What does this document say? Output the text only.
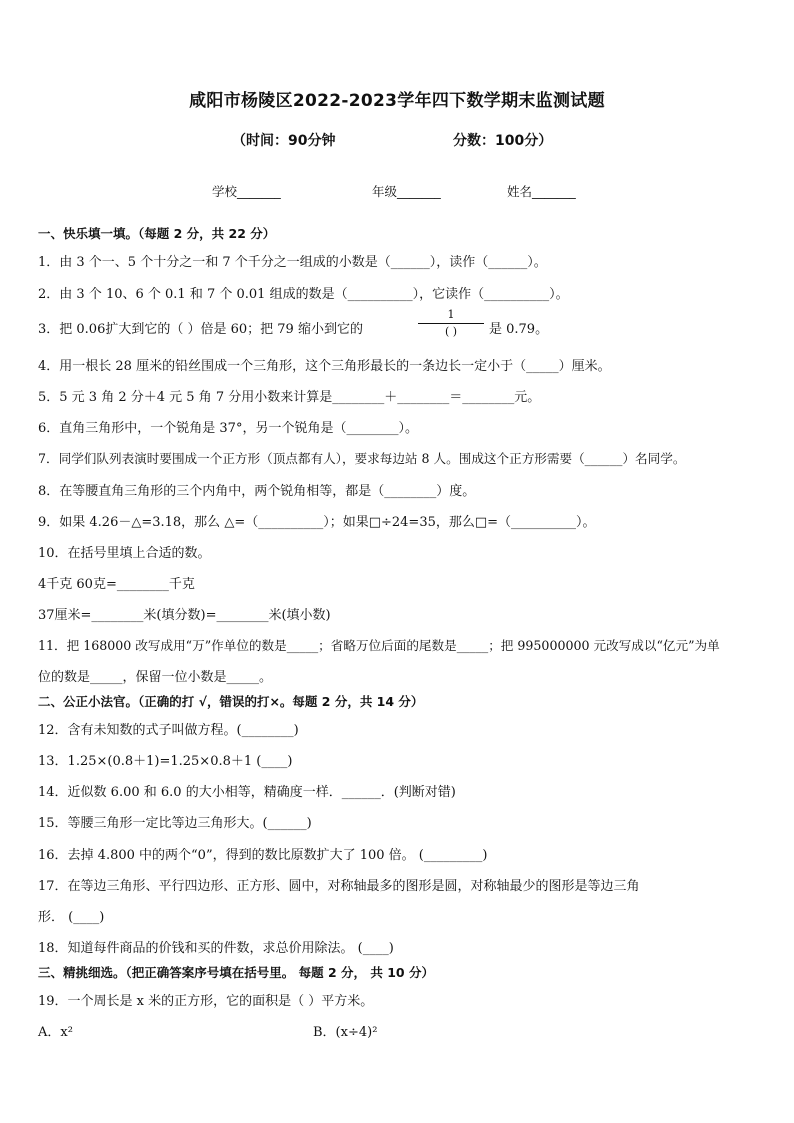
咸阳市杨陵区2022-2023学年四下数学期末监测试题
（时间：90分钟	分数：100分）
学校_______	年级_______	姓名_______
一、快乐填一填。（每题 2 分，共 22 分）
1．由 3 个一、5 个十分之一和 7 个千分之一组成的小数是（______），读作（______）。
2．由 3 个 10、6 个 0.1 和 7 个 0.01 组成的数是（__________），它读作（__________）。
3．把 0.06扩大到它的（ ）倍是 60；把 79 缩小到它的
1
( )	是 0.79。
4．用一根长 28 厘米的铅丝围成一个三角形，这个三角形最长的一条边长一定小于（_____）厘米。
5．5 元 3 角 2 分＋4 元 5 角 7 分用小数来计算是________＋________＝________元。
6．直角三角形中，一个锐角是 37°，另一个锐角是（________）。
7．同学们队列表演时要围成一个正方形（顶点都有人），要求每边站 8 人。围成这个正方形需要（______）名同学。
8．在等腰直角三角形的三个内角中，两个锐角相等，都是（________）度。
9．如果 4.26－△=3.18，那么 △=（__________）；如果□÷24=35，那么□=（__________）。
10．在括号里填上合适的数。
4千克 60克=________千克
37厘米=________米(填分数)=________米(填小数)
11．把 168000 改写成用“万”作单位的数是_____；省略万位后面的尾数是_____；把 995000000 元改写成以“亿元”为单
位的数是_____，保留一位小数是_____。
二、公正小法官。（正确的打 √，错误的打×。每题 2 分，共 14 分）
12．含有未知数的式子叫做方程。(________)
13．1.25×(0.8＋1)=1.25×0.8＋1 (____)
14．近似数 6.00 和 6.0 的大小相等，精确度一样．______．(判断对错)
15．等腰三角形一定比等边三角形大。(______)
16．去掉 4.800 中的两个“0”，得到的数比原数扩大了 100 倍。 (_________)
17．在等边三角形、平行四边形、正方形、圆中，对称轴最多的图形是圆，对称轴最少的图形是等边三角
形． (____)
18．知道每件商品的价钱和买的件数，求总价用除法。 (____)
三、精挑细选。（把正确答案序号填在括号里。 每题 2 分， 共 10 分）
19．一个周长是 x 米的正方形，它的面积是（ ）平方米。
A．x²	B．(x÷4)²
